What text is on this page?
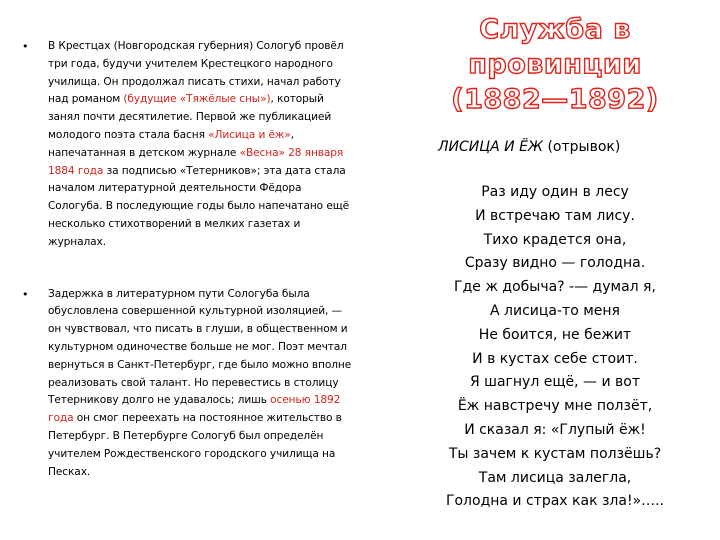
• В Крестцах (Новгородская губерния) Сологуб провёл три года, будучи учителем Крестецкого народного училища. Он продолжал писать стихи, начал работу над романом (будущие «Тяжёлые сны»), который занял почти десятилетие. Первой же публикацией молодого поэта стала басня «Лисица и ёж», напечатанная в детском журнале «Весна» 28 января 1884 года за подписью «Тетерников»; эта дата стала началом литературной деятельности Фёдора Сологуба. В последующие годы было напечатано ещё несколько стихотворений в мелких газетах и журналах.
• Задержка в литературном пути Сологуба была обусловлена совершенной культурной изоляцией, — он чувствовал, что писать в глуши, в общественном и культурном одиночестве больше не мог. Поэт мечтал вернуться в Санкт-Петербург, где было можно вполне реализовать свой талант. Но перевестись в столицу Тетерникову долго не удавалось; лишь осенью 1892 года он смог переехать на постоянное жительство в Петербург. В Петербурге Сологуб был определён учителем Рождественского городского училища на Песках.
Служба в провинции
(1882—1892)
ЛИСИЦА И ЁЖ (отрывок)
Раз иду один в лесу
И встречаю там лису.
Тихо крадется она,
Сразу видно — голодна.
Где ж добыча? -— думал я,
А лисица-то меня
Не боится, не бежит
И в кустах себе стоит.
Я шагнул ещё, — и вот
Ёж навстречу мне ползёт,
И сказал я: «Глупый ёж!
Ты зачем к кустам ползёшь?
Там лисица залегла,
Голодна и страх как зла!»…..
